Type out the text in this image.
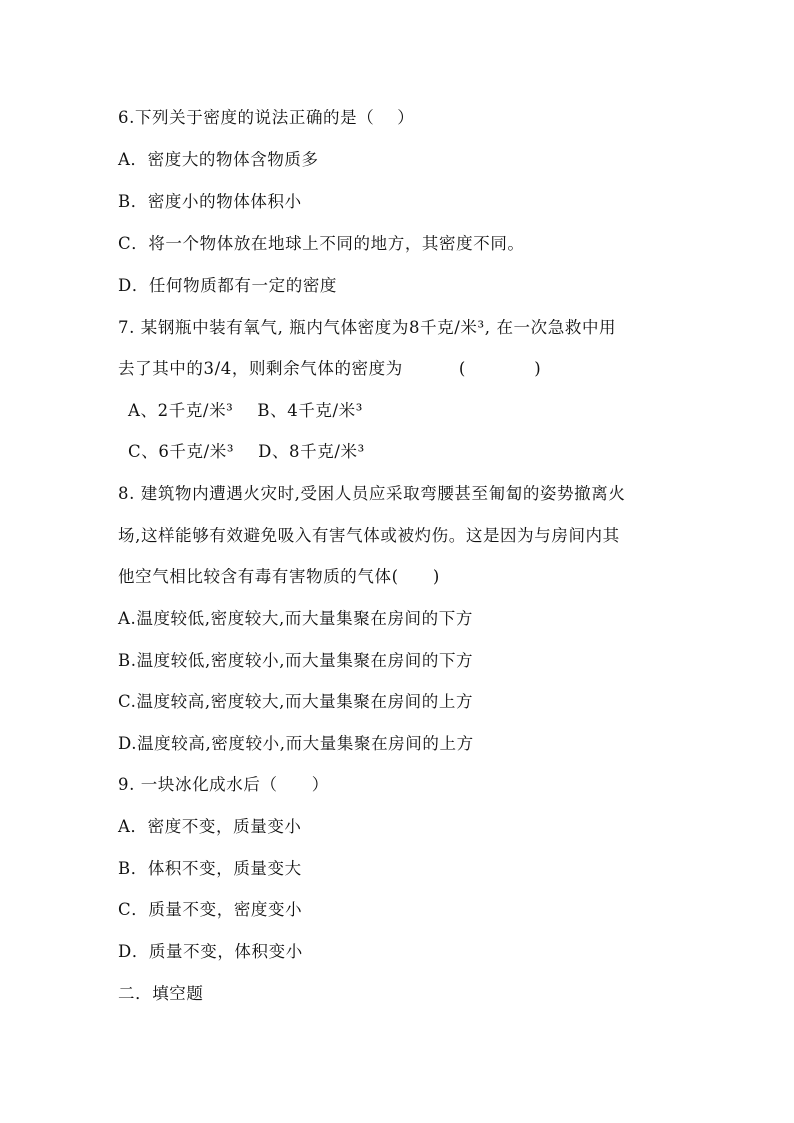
6.下列关于密度的说法正确的是（　 ）
A．密度大的物体含物质多
B．密度小的物体体积小
C．将一个物体放在地球上不同的地方，其密度不同。
D．任何物质都有一定的密度
7. 某钢瓶中装有氧气, 瓶内气体密度为8千克/米³, 在一次急救中用
去了其中的3/4，则剩余气体的密度为	(　　　　)
A、2千克/米³ B、4千克/米³
C、6千克/米³ D、8千克/米³
8. 建筑物内遭遇火灾时,受困人员应采取弯腰甚至匍匐的姿势撤离火
场,这样能够有效避免吸入有害气体或被灼伤。这是因为与房间内其
他空气相比较含有毒有害物质的气体(　　)
A.温度较低,密度较大,而大量集聚在房间的下方
B.温度较低,密度较小,而大量集聚在房间的下方
C.温度较高,密度较大,而大量集聚在房间的上方
D.温度较高,密度较小,而大量集聚在房间的上方
9. 一块冰化成水后（　　）
A．密度不变，质量变小
B．体积不变，质量变大
C．质量不变，密度变小
D．质量不变，体积变小
二．填空题
